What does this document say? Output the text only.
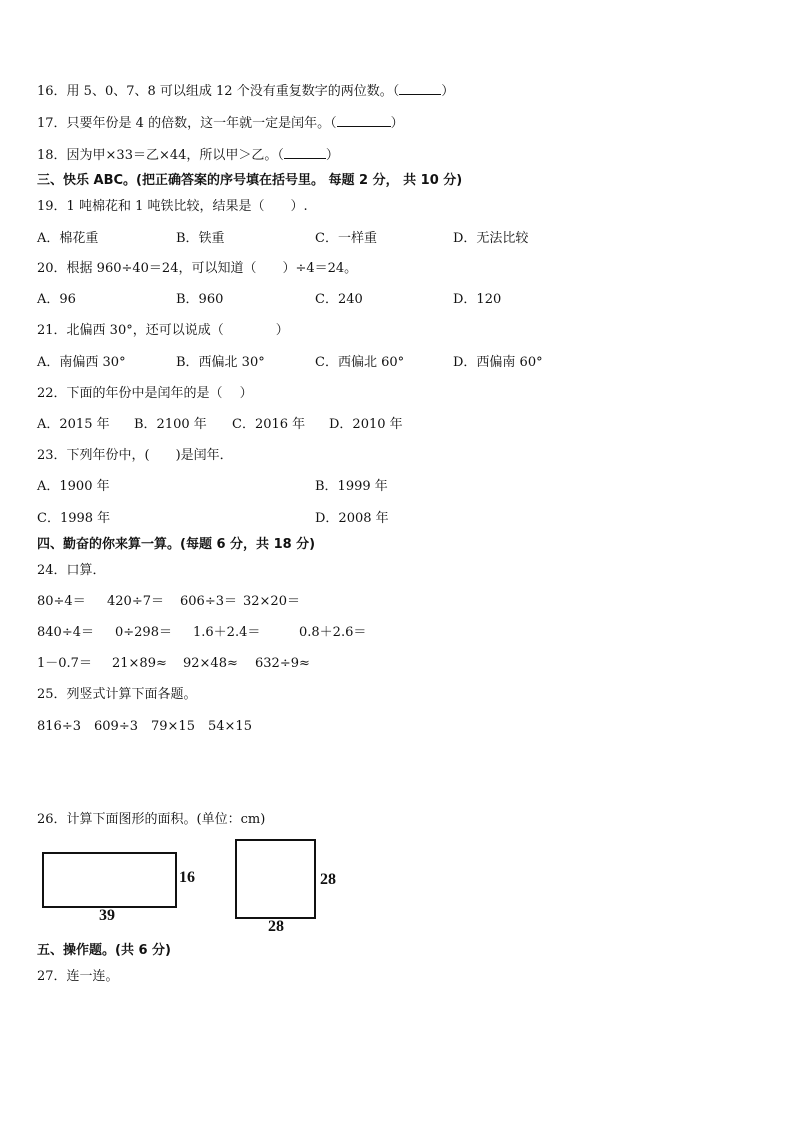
16．用 5、0、7、8 可以组成 12 个没有重复数字的两位数。（	）
17．只要年份是 4 的倍数，这一年就一定是闰年。（	）
18．因为甲×33＝乙×44，所以甲＞乙。（	）
三、快乐 ABC。(把正确答案的序号填在括号里。 每题 2 分， 共 10 分)
19．1 吨棉花和 1 吨铁比较，结果是（　　）.
A．棉花重	B．铁重	C．一样重	D．无法比较
20．根据 960÷40＝24，可以知道（　　）÷4＝24。
A．96	B．960	C．240	D．120
21．北偏西 30°，还可以说成（　　　　）
A．南偏西 30°	B．西偏北 30°	C．西偏北 60°	D．西偏南 60°
22．下面的年份中是闰年的是（　 ）
A．2015 年 B．2100 年 C．2016 年 D．2010 年
23．下列年份中，(　　)是闰年．
A．1900 年	B．1999 年
C．1998 年	D．2008 年
四、勤奋的你来算一算。(每题 6 分，共 18 分)
24．口算．
80÷4＝ 420÷7＝ 606÷3＝ 32×20＝
840÷4＝ 0÷298＝ 1.6＋2.4＝	0.8＋2.6＝
1－0.7＝ 21×89≈ 92×48≈ 632÷9≈
25．列竖式计算下面各题。
816÷3 609÷3 79×15 54×15
26．计算下面图形的面积。(单位：cm)
16
39
28
28
五、操作题。(共 6 分)
27．连一连。
